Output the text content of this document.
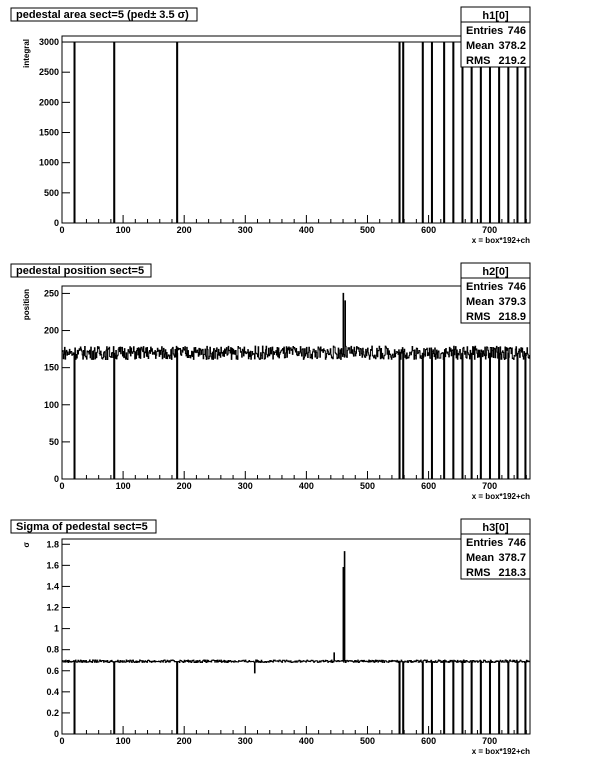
pedestal area sect=5 (ped± 3.5 σ)
0
500
1000
1500
2000
2500
3000
0	100	200	300	400	500	600	700
x = box*192+ch
integral
h1[0]
Entries 746
Mean 378.2
RMS 219.2
pedestal position sect=5
0
50
100
150
200
250
0	100	200	300	400	500	600	700
x = box*192+ch
position
h2[0]
Entries 746
Mean 379.3
RMS 218.9
Sigma of pedestal sect=5
0
0.2
0.4
0.6
0.8
1
1.2
1.4
1.6
1.8
0	100	200	300	400	500	600	700
x = box*192+ch
σ
h3[0]
Entries 746
Mean 378.7
RMS 218.3
